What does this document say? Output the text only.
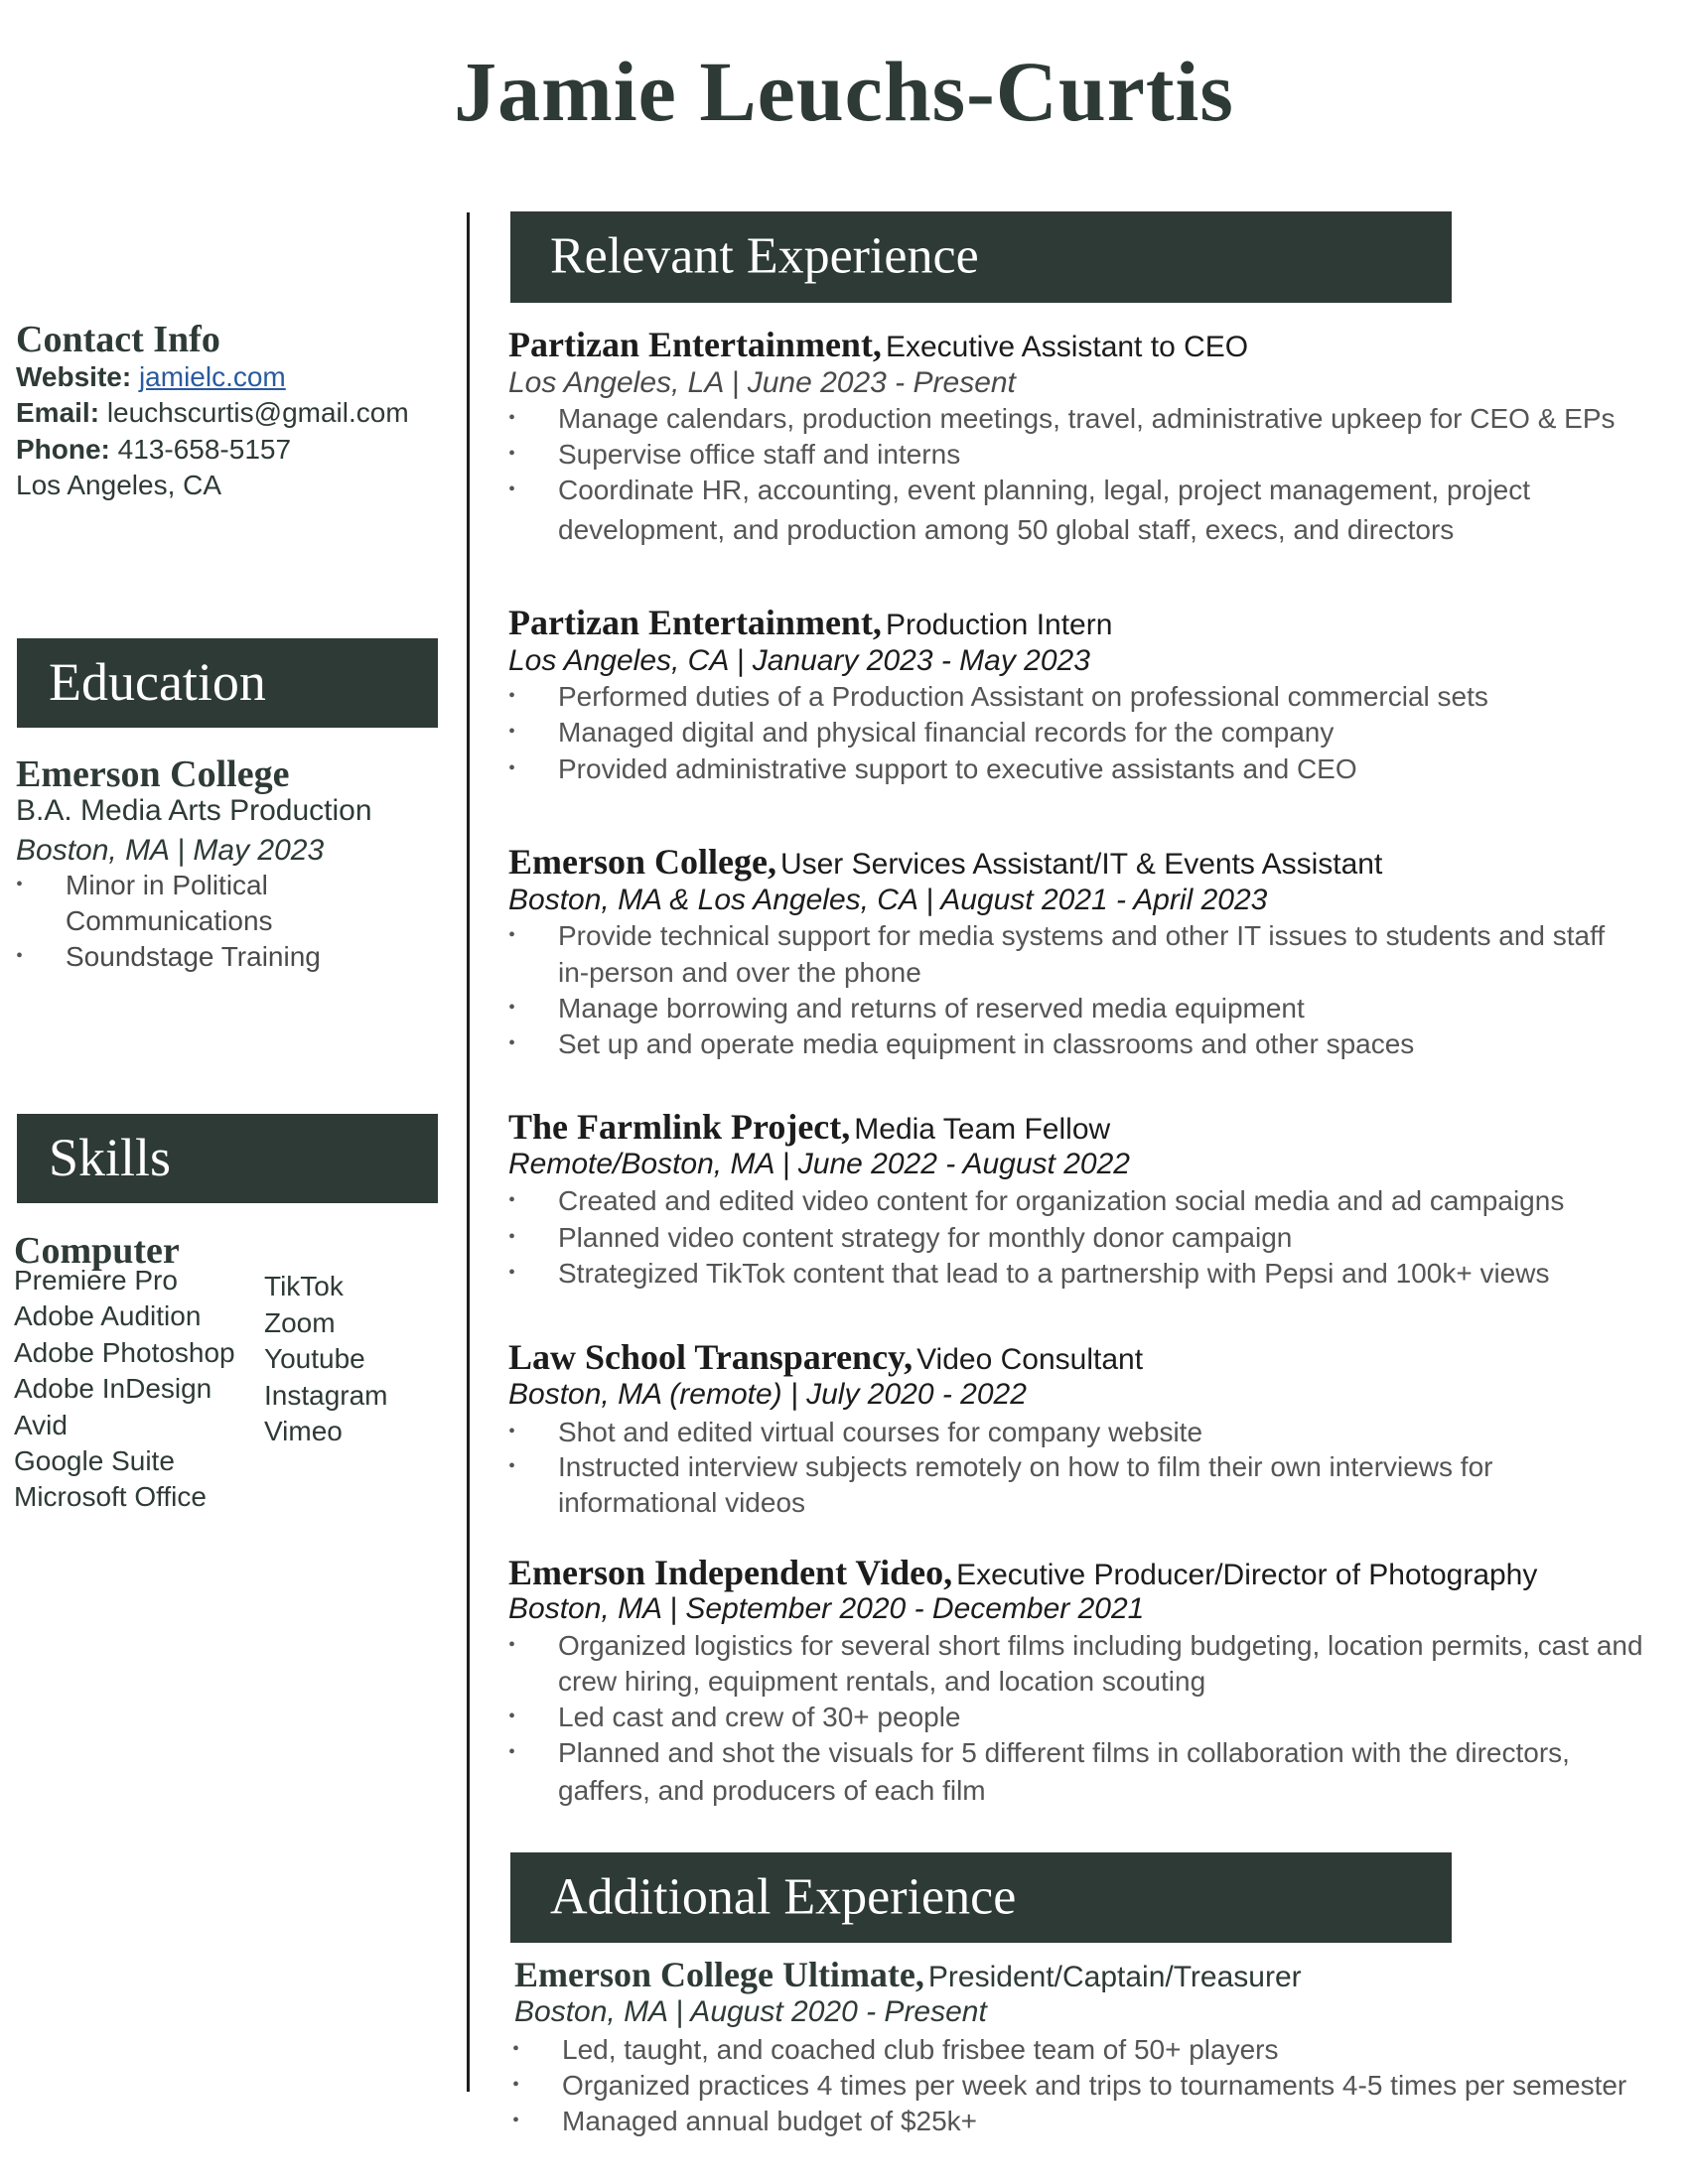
Jamie Leuchs-Curtis
Contact Info
Website: jamielc.com
Email: leuchscurtis@gmail.com
Phone: 413-658-5157
Los Angeles, CA
Education
Emerson College
B.A. Media Arts Production
Boston, MA | May 2023
• Minor in Political
Communications
• Soundstage Training
Skills
Computer
Premiere Pro
Adobe Audition
Adobe Photoshop
Adobe InDesign
Avid
Google Suite
Microsoft Office
TikTok
Zoom
Youtube
Instagram
Vimeo
Relevant Experience
Partizan Entertainment, Executive Assistant to CEO
Los Angeles, LA | June 2023 - Present
• Manage calendars, production meetings, travel, administrative upkeep for CEO & EPs
• Supervise office staff and interns
• Coordinate HR, accounting, event planning, legal, project management, project
development, and production among 50 global staff, execs, and directors
Partizan Entertainment, Production Intern
Los Angeles, CA | January 2023 - May 2023
• Performed duties of a Production Assistant on professional commercial sets
• Managed digital and physical financial records for the company
• Provided administrative support to executive assistants and CEO
Emerson College, User Services Assistant/IT & Events Assistant
Boston, MA & Los Angeles, CA | August 2021 - April 2023
• Provide technical support for media systems and other IT issues to students and staff
in-person and over the phone
• Manage borrowing and returns of reserved media equipment
• Set up and operate media equipment in classrooms and other spaces
The Farmlink Project, Media Team Fellow
Remote/Boston, MA | June 2022 - August 2022
• Created and edited video content for organization social media and ad campaigns
• Planned video content strategy for monthly donor campaign
• Strategized TikTok content that lead to a partnership with Pepsi and 100k+ views
Law School Transparency, Video Consultant
Boston, MA (remote) | July 2020 - 2022
• Shot and edited virtual courses for company website
• Instructed interview subjects remotely on how to film their own interviews for
informational videos
Emerson Independent Video, Executive Producer/Director of Photography
Boston, MA | September 2020 - December 2021
• Organized logistics for several short films including budgeting, location permits, cast and
crew hiring, equipment rentals, and location scouting
• Led cast and crew of 30+ people
• Planned and shot the visuals for 5 different films in collaboration with the directors,
gaffers, and producers of each film
Additional Experience
Emerson College Ultimate, President/Captain/Treasurer
Boston, MA | August 2020 - Present
• Led, taught, and coached club frisbee team of 50+ players
• Organized practices 4 times per week and trips to tournaments 4-5 times per semester
• Managed annual budget of $25k+
